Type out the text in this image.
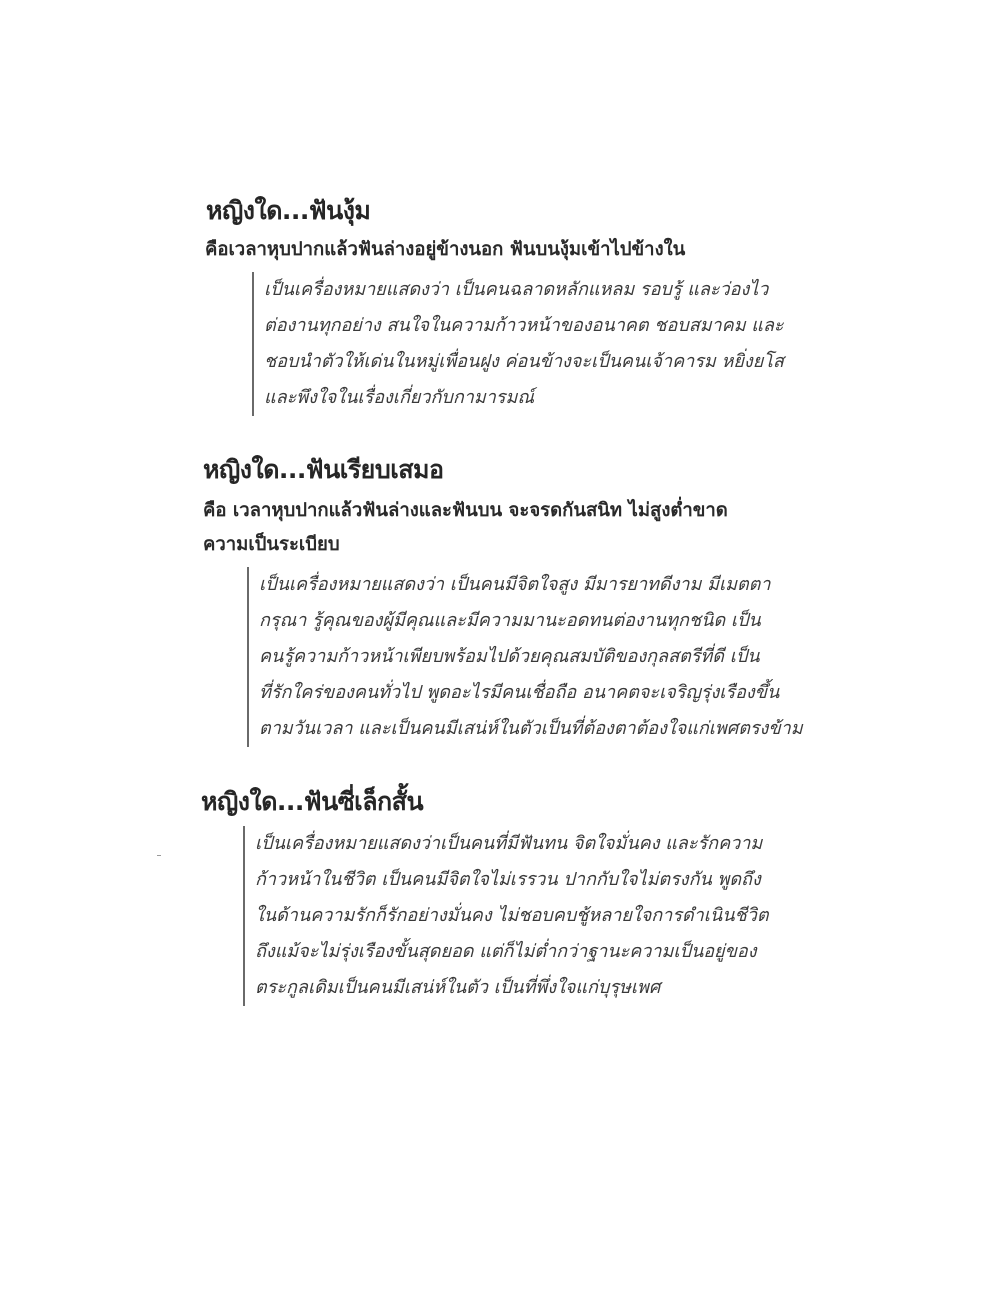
หญิงใด...ฟันงุ้ม
คือเวลาหุบปากแล้วฟันล่างอยู่ข้างนอก ฟันบนงุ้มเข้าไปข้างใน
เป็นเครื่องหมายแสดงว่า เป็นคนฉลาดหลักแหลม รอบรู้ และว่องไว
ต่องานทุกอย่าง สนใจในความก้าวหน้าของอนาคต ชอบสมาคม และ
ชอบนำตัวให้เด่นในหมู่เพื่อนฝูง ค่อนข้างจะเป็นคนเจ้าคารม หยิ่งยโส
และพึงใจในเรื่องเกี่ยวกับกามารมณ์
หญิงใด...ฟันเรียบเสมอ
คือ เวลาหุบปากแล้วฟันล่างและฟันบน จะจรดกันสนิท ไม่สูงต่ำขาด
ความเป็นระเบียบ
เป็นเครื่องหมายแสดงว่า เป็นคนมีจิตใจสูง มีมารยาทดีงาม มีเมตตา
กรุณา รู้คุณของผู้มีคุณและมีความมานะอดทนต่องานทุกชนิด เป็น
คนรู้ความก้าวหน้าเพียบพร้อมไปด้วยคุณสมบัติของกุลสตรีที่ดี เป็น
ที่รักใคร่ของคนทั่วไป พูดอะไรมีคนเชื่อถือ อนาคตจะเจริญรุ่งเรืองขึ้น
ตามวันเวลา และเป็นคนมีเสน่ห์ในตัวเป็นที่ต้องตาต้องใจแก่เพศตรงข้าม
หญิงใด...ฟันซี่เล็กสั้น
เป็นเครื่องหมายแสดงว่าเป็นคนที่มีฟันทน จิตใจมั่นคง และรักความ
ก้าวหน้าในชีวิต เป็นคนมีจิตใจไม่เรรวน ปากกับใจไม่ตรงกัน พูดถึง
ในด้านความรักก็รักอย่างมั่นคง ไม่ชอบคบชู้หลายใจการดำเนินชีวิต
ถึงแม้จะไม่รุ่งเรืองขั้นสุดยอด แต่ก็ไม่ต่ำกว่าฐานะความเป็นอยู่ของ
ตระกูลเดิมเป็นคนมีเสน่ห์ในตัว เป็นที่พึ่งใจแก่บุรุษเพศ
